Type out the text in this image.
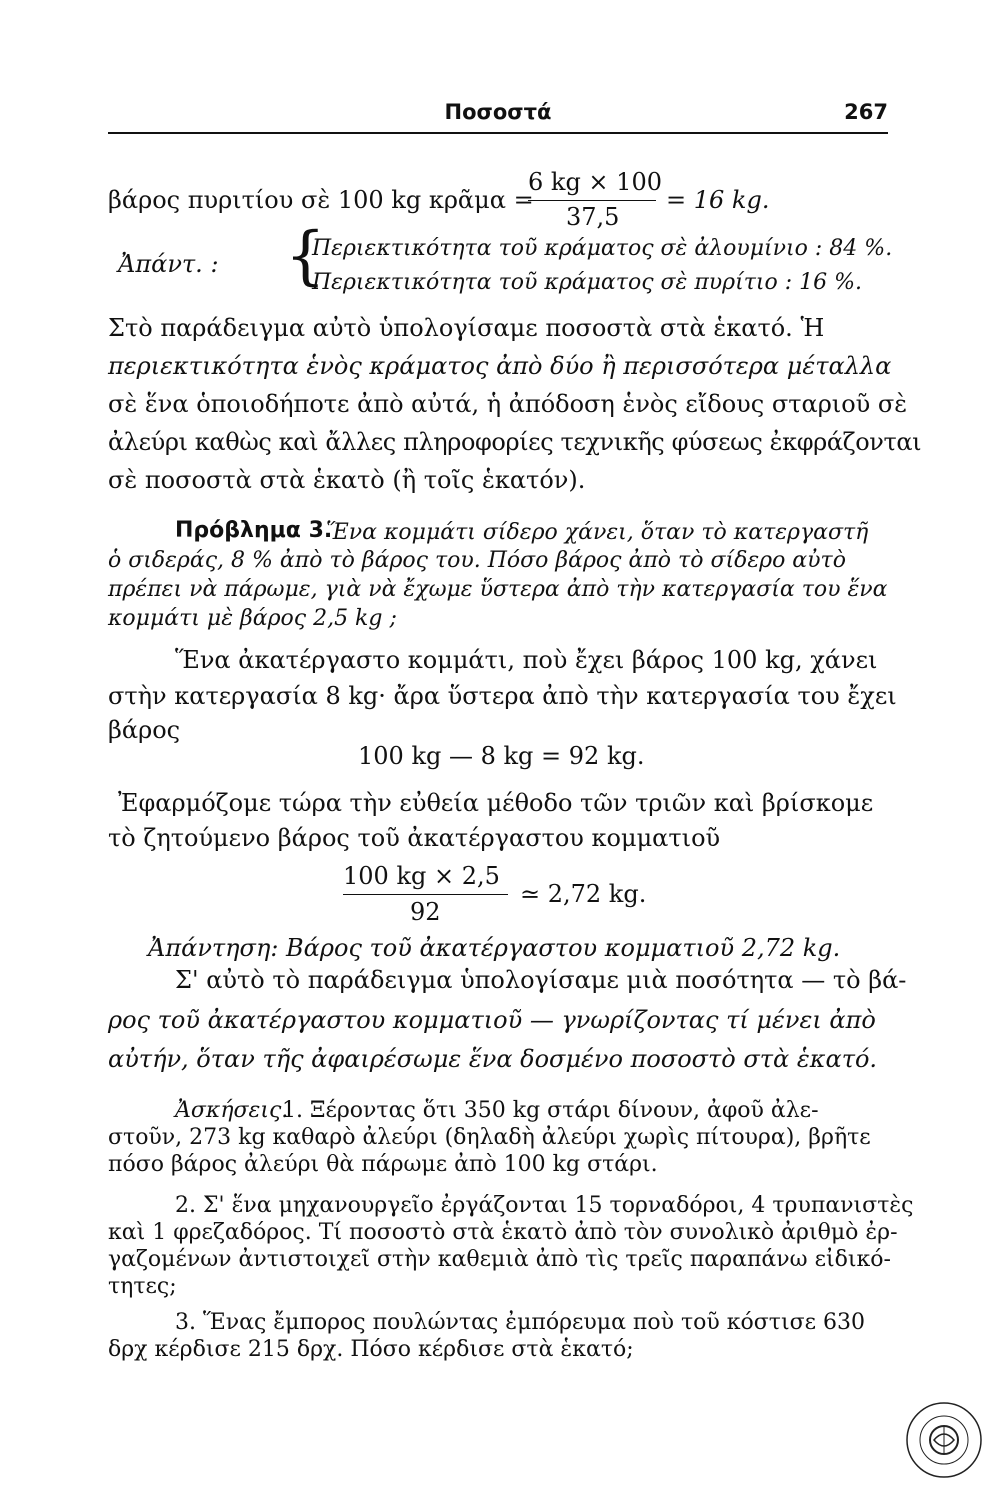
Ποσοστά	267
βάρος πυριτίου σὲ 100 kg κρᾶμα =
6 kg × 100
37,5
= 16 kg.
Ἀπάντ. : {
Περιεκτικότητα τοῦ κράματος σὲ ἀλουμίνιο : 84 %.
Περιεκτικότητα τοῦ κράματος σὲ πυρίτιο : 16 %.
Στὸ παράδειγμα αὐτὸ ὑπολογίσαμε ποσοστὰ στὰ ἑκατό. Ἡ
περιεκτικότητα ἑνὸς κράματος ἀπὸ δύο ἢ περισσότερα μέταλλα
σὲ ἕνα ὁποιοδήποτε ἀπὸ αὐτά, ἡ ἀπόδοση ἑνὸς εἴδους σταριοῦ σὲ
ἀλεύρι καθὼς καὶ ἄλλες πληροφορίες τεχνικῆς φύσεως ἐκφράζονται
σὲ ποσοστὰ στὰ ἑκατὸ (ἢ τοῖς ἑκατόν).
Πρόβλημα 3.
Ἕνα κομμάτι σίδερο χάνει, ὅταν τὸ κατεργαστῆ
ὁ σιδεράς, 8 % ἀπὸ τὸ βάρος του. Πόσο βάρος ἀπὸ τὸ σίδερο αὐτὸ
πρέπει νὰ πάρωμε, γιὰ νὰ ἔχωμε ὕστερα ἀπὸ τὴν κατεργασία του ἕνα
κομμάτι μὲ βάρος 2,5 kg ;
Ἕνα ἀκατέργαστο κομμάτι, ποὺ ἔχει βάρος 100 kg, χάνει
στὴν κατεργασία 8 kg· ἄρα ὕστερα ἀπὸ τὴν κατεργασία του ἔχει
βάρος
100 kg — 8 kg = 92 kg.
Ἐφαρμόζομε τώρα τὴν εὐθεία μέθοδο τῶν τριῶν καὶ βρίσκομε
τὸ ζητούμενο βάρος τοῦ ἀκατέργαστου κομματιοῦ
100 kg × 2,5
92
≃ 2,72 kg.
Ἀπάντηση: Βάρος τοῦ ἀκατέργαστου κομματιοῦ 2,72 kg.
Σ' αὐτὸ τὸ παράδειγμα ὑπολογίσαμε μιὰ ποσότητα — τὸ βά-
ρος τοῦ ἀκατέργαστου κομματιοῦ — γνωρίζοντας τί μένει ἀπὸ
αὐτήν, ὅταν τῆς ἀφαιρέσωμε ἕνα δοσμένο ποσοστὸ στὰ ἑκατό.
Ἀσκήσεις.
1. Ξέροντας ὅτι 350 kg στάρι δίνουν, ἀφοῦ ἀλε-
στοῦν, 273 kg καθαρὸ ἀλεύρι (δηλαδὴ ἀλεύρι χωρὶς πίτουρα), βρῆτε
πόσο βάρος ἀλεύρι θὰ πάρωμε ἀπὸ 100 kg στάρι.
2. Σ' ἕνα μηχανουργεῖο ἐργάζονται 15 τορναδόροι, 4 τρυπανιστὲς
καὶ 1 φρεζαδόρος. Τί ποσοστὸ στὰ ἑκατὸ ἀπὸ τὸν συνολικὸ ἀριθμὸ ἐρ-
γαζομένων ἀντιστοιχεῖ στὴν καθεμιὰ ἀπὸ τὶς τρεῖς παραπάνω εἰδικό-
τητες;
3. Ἕνας ἔμπορος πουλώντας ἐμπόρευμα ποὺ τοῦ κόστισε 630
δρχ κέρδισε 215 δρχ. Πόσο κέρδισε στὰ ἑκατό;
